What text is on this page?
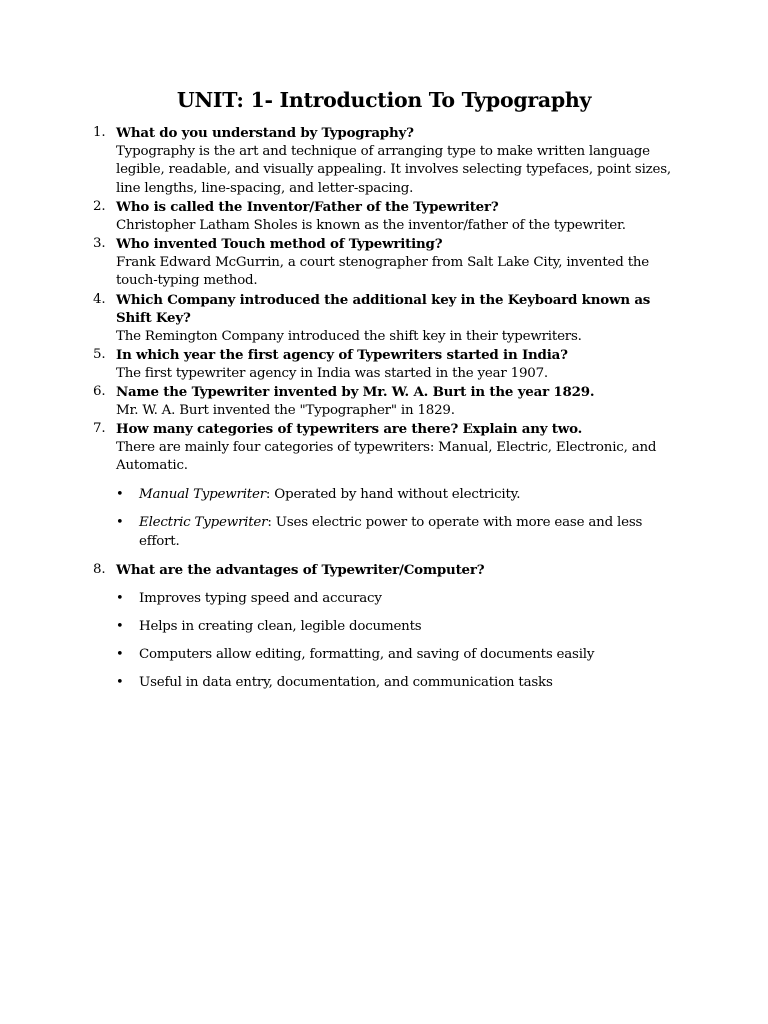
UNIT: 1- Introduction To Typography
1. What do you understand by Typography?
Typography is the art and technique of arranging type to make written language legible, readable, and visually appealing. It involves selecting typefaces, point sizes, line lengths, line-spacing, and letter-spacing.
2. Who is called the Inventor/Father of the Typewriter?
Christopher Latham Sholes is known as the inventor/father of the typewriter.
3. Who invented Touch method of Typewriting?
Frank Edward McGurrin, a court stenographer from Salt Lake City, invented the touch-typing method.
4. Which Company introduced the additional key in the Keyboard known as Shift Key?
The Remington Company introduced the shift key in their typewriters.
5. In which year the first agency of Typewriters started in India?
The first typewriter agency in India was started in the year 1907.
6. Name the Typewriter invented by Mr. W. A. Burt in the year 1829.
Mr. W. A. Burt invented the "Typographer" in 1829.
7. How many categories of typewriters are there? Explain any two.
There are mainly four categories of typewriters: Manual, Electric, Electronic, and Automatic.
• Manual Typewriter: Operated by hand without electricity.
• Electric Typewriter: Uses electric power to operate with more ease and less effort.
8. What are the advantages of Typewriter/Computer?
• Improves typing speed and accuracy
• Helps in creating clean, legible documents
• Computers allow editing, formatting, and saving of documents easily
• Useful in data entry, documentation, and communication tasks
